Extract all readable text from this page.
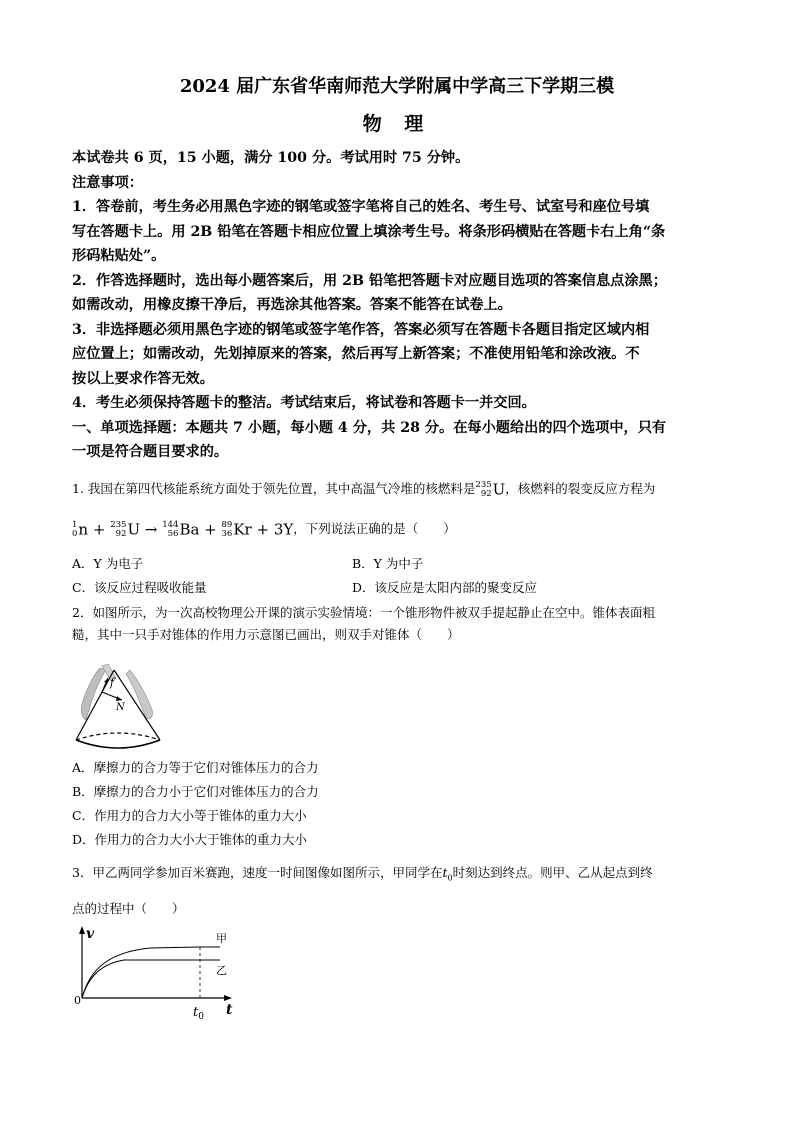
2024 届广东省华南师范大学附属中学高三下学期三模
物 理

本试卷共 6 页，15 小题，满分 100 分。考试用时 75 分钟。

注意事项：

1．答卷前，考生务必用黑色字迹的钢笔或签字笔将自己的姓名、考生号、试室号和座位号填

写在答题卡上。用 2B 铅笔在答题卡相应位置上填涂考生号。将条形码横贴在答题卡右上角“条

形码粘贴处”。

2．作答选择题时，选出每小题答案后，用 2B 铅笔把答题卡对应题目选项的答案信息点涂黑；

如需改动，用橡皮擦干净后，再选涂其他答案。答案不能答在试卷上。

3．非选择题必须用黑色字迹的钢笔或签字笔作答，答案必须写在答题卡各题目指定区域内相

应位置上；如需改动，先划掉原来的答案，然后再写上新答案；不准使用铅笔和涂改液。不

按以上要求作答无效。

4．考生必须保持答题卡的整洁。考试结束后，将试卷和答题卡一并交回。

一、单项选择题：本题共 7 小题，每小题 4 分，共 28 分。在每小题给出的四个选项中，只有

一项是符合题目要求的。

1. 我国在第四代核能系统方面处于领先位置，其中高温气冷堆的核燃料是 235
92 U，核燃料的裂变反应方程为

1
0 n + 235
92 U → 144
56 Ba + 89
36 Kr + 3Y，下列说法正确的是（　　）

A．Y 为电子	B．Y 为中子
C．该反应过程吸收能量	D．该反应是太阳内部的聚变反应

2．如图所示，为一次高校物理公开课的演示实验情境：一个锥形物件被双手提起静止在空中。锥体表面粗

糙，其中一只手对锥体的作用力示意图已画出，则双手对锥体（　　）

f
N
A．摩擦力的合力等于它们对锥体压力的合力
B．摩擦力的合力小于它们对锥体压力的合力
C．作用力的合力大小等于锥体的重力大小
D．作用力的合力大小大于锥体的重力大小

3．甲乙两同学参加百米赛跑，速度一时间图像如图所示，甲同学在$t_0$时刻达到终点。则甲、乙从起点到终

点的过程中（　　）

v
t
0
$t_0$
甲
乙
